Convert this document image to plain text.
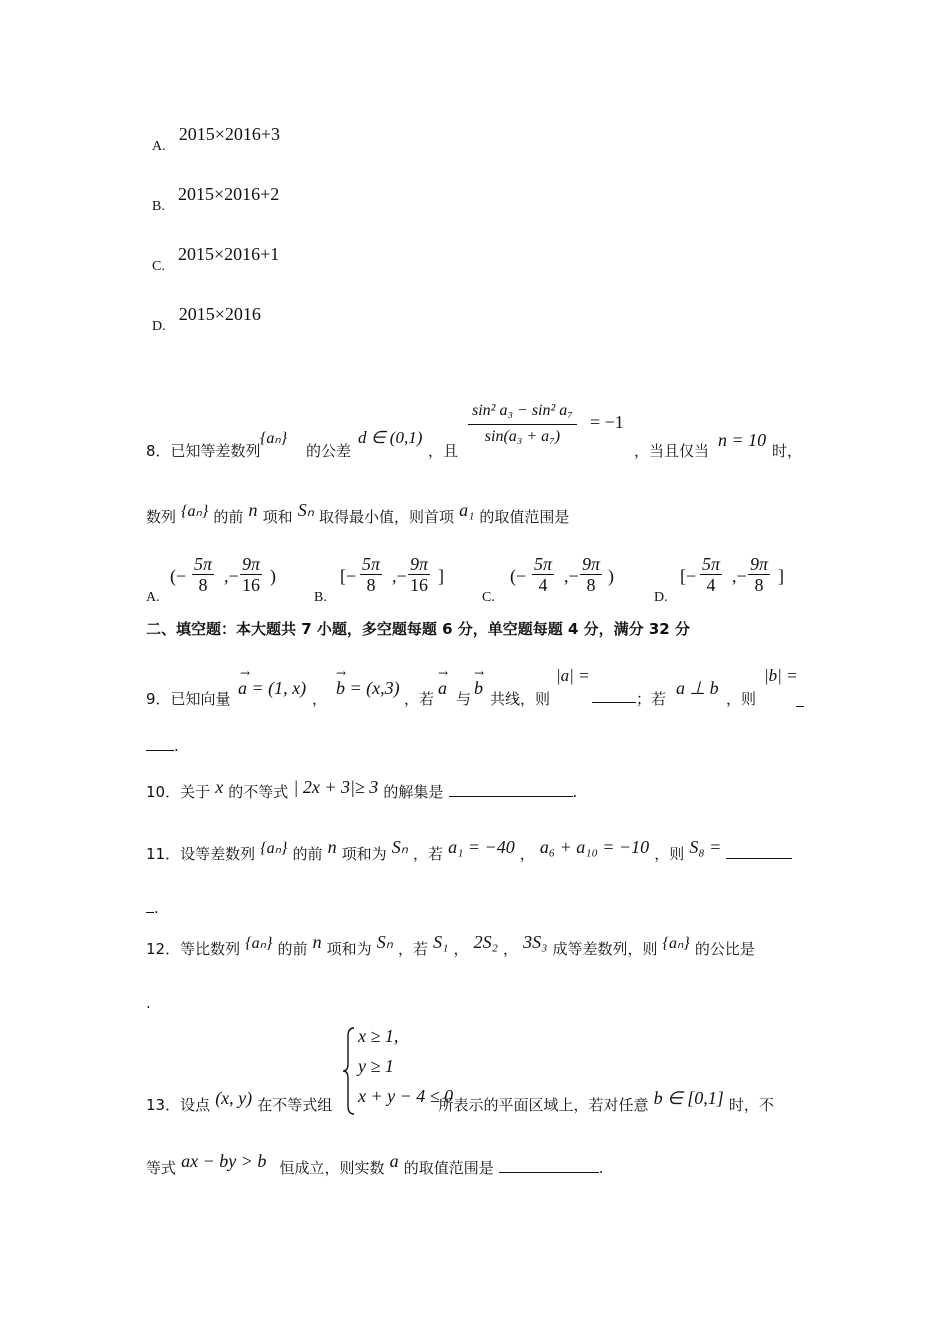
A. 2015×2016+3
B. 2015×2016+2
C. 2015×2016+1
D. 2015×2016
8．已知等差数列
{aₙ}
的公差
d ∈ (0,1)
，且
$\frac{\text{sin² a₃ − sin² a₇}}{\text{sin(a₃ + a₇)}} = -1$
，当且仅当
n = 10
时，
数列 {aₙ} 的前 n 项和 Sₙ 取得最小值，则首项 a₁ 的取值范围是
A.
(− $\frac{5\pi}{8}$ ,− $\frac{9\pi}{16}$ )
B.
[− $\frac{5\pi}{8}$ ,− $\frac{9\pi}{16}$ ]
C.
(− $\frac{5\pi}{4}$ ,− $\frac{9\pi}{8}$ )
D.
[− $\frac{5\pi}{4}$ ,− $\frac{9\pi}{8}$ ]
二、填空题：本大题共 7 小题，多空题每题 6 分，单空题每题 4 分，满分 32 分
9．已知向量
a = (1, x)
→
，
b = (x,3)
→
，若
a
→
与
b
→
共线，则
|a| =
；若
a ⊥ b
，则
|b| =
.
10．关于 x 的不等式 | 2x + 3|≥ 3 的解集是	.
11．设等差数列 {aₙ} 的前 n 项和为 Sₙ ，若 a₁ = −40 ， a₆ + a₁₀ = −10 ，则 S₈ =
.
12．等比数列 {aₙ} 的前 n 项和为 Sₙ ，若 S₁ ， 2S₂ ， 3S₃ 成等差数列，则 {aₙ} 的公比是
.
x ≥ 1,
y ≥ 1
x + y − 4 ≤ 0
13．设点 (x, y) 在不等式组	所表示的平面区域上，若对任意 b ∈ [0,1] 时，不
等式 ax − by > b 恒成立，则实数 a 的取值范围是	.
